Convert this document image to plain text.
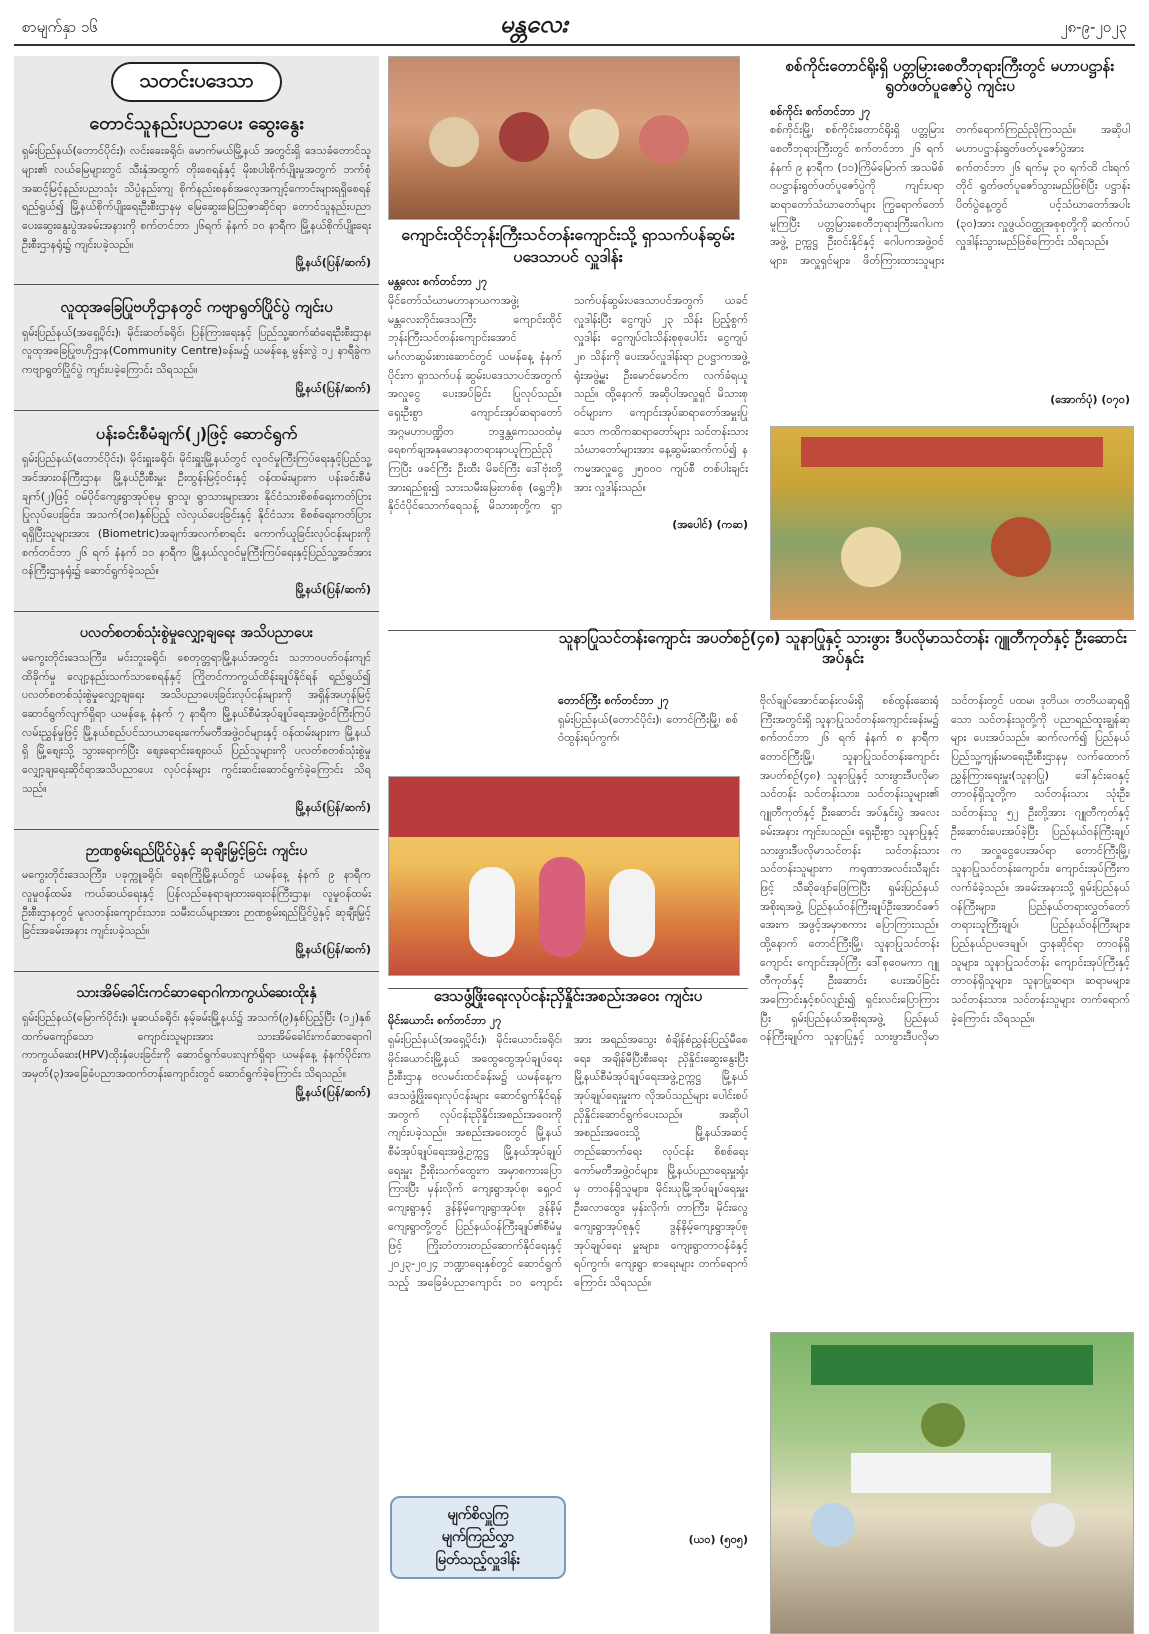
စာမျက်နှာ ၁၆	မန္တလေး	၂၈-၉-၂၀၂၃
သတင်းပဒေသာ

တောင်သူနည်းပညာပေး ဆွေးနွေး

ရှမ်းပြည်နယ်(တောင်ပိုင်း)၊ လင်းခေးခရိုင်၊ မောက်မယ်မြို့နယ် အတွင်းရှိ ဒေသခံတောင်သူများ၏ လယ်မြေများတွင် သီးနှံအထွက် တိုးစေရန်နှင့် မိုးစပါးစိုက်ပျိုးမှုအတွက် ဘက်စုံအဆင့်မြင့်နည်းပညာသုံး သိပ္ပံနည်းကျ စိုက်နည်းစနစ်အလေ့အကျင့်ကောင်းများရရှိစေရန် ရည်ရွယ်၍ မြို့နယ်စိုက်ပျိုးရေးဦးစီးဌာနမှ မြေဆွေးမြေဩဇာဆိုင်ရာ တောင်သူနည်းပညာပေးဆွေးနွေးပွဲအခမ်းအနားကို စက်တင်ဘာ ၂၆ရက် နံနက် ၁၀ နာရီက မြို့နယ်စိုက်ပျိုးရေးဦးစီးဌာနရုံး၌ ကျင်းပခဲ့သည်။

မြို့နယ်(ပြန်/ဆက်)

လူထုအခြေပြုဗဟိုဌာနတွင် ကဗျာရွတ်ပြိုင်ပွဲ ကျင်းပ

ရှမ်းပြည်နယ်(အရှေ့ပိုင်း)၊ မိုင်းဆတ်ခရိုင်၊ ပြန်ကြားရေးနှင့် ပြည်သူ့ဆက်ဆံရေးဦးစီးဌာန၊ လူထုအခြေပြုဗဟိုဌာန(Community Centre)ခန်းမ၌ ယမန်နေ့ မွန်းလွဲ ၁၂ နာရီခွဲက ကဗျာရွတ်ပြိုင်ပွဲ ကျင်းပခဲ့ကြောင်း သိရသည်။

မြို့နယ်(ပြန်/ဆက်)

ပန်းခင်းစီမံချက်(၂)ဖြင့် ဆောင်ရွက်

ရှမ်းပြည်နယ်(တောင်ပိုင်း)၊ မိုင်းရှူးခရိုင်၊ မိုင်းရှူးမြို့နယ်တွင် လူဝင်မှုကြီးကြပ်ရေးနှင့်ပြည်သူ့အင်အားဝန်ကြီးဌာန၊ မြို့နယ်ဦးစီးမှူး ဦးထွန်းမြင့်ဝင်းနှင့် ဝန်ထမ်းများက ပန်းခင်းစီမံချက်(၂)ဖြင့် ဝမ်ပိုင်ကျေးရွာအုပ်စုမှ ရွာသူ၊ ရွာသားများအား နိုင်ငံသားစိစစ်ရေးကတ်ပြား ပြုလုပ်ပေးခြင်း၊ အသက်(၁၈)နှစ်ပြည့် လဲလှယ်ပေးခြင်းနှင့် နိုင်ငံသား စိစစ်ရေးကတ်ပြားရရှိပြီးသူများအား (Biometric)အချက်အလက်စာရင်း ကောက်ယူခြင်းလုပ်ငန်းများကို စက်တင်ဘာ ၂၆ ရက် နံနက် ၁၁ နာရီက မြို့နယ်လူဝင်မှုကြီးကြပ်ရေးနှင့်ပြည်သူ့အင်အားဝန်ကြီးဌာနရုံး၌ ဆောင်ရွက်ခဲ့သည်။

မြို့နယ်(ပြန်/ဆက်)

ပလတ်စတစ်သုံးစွဲမှုလျှော့ချရေး အသိပညာပေး

မကွေးတိုင်းဒေသကြီး၊ မင်းဘူးခရိုင်၊ စေတုတ္တရာမြို့နယ်အတွင်း သဘာဝပတ်ဝန်းကျင်ထိခိုက်မှု လျော့နည်းသက်သာစေရန်နှင့် ကြိုတင်ကာကွယ်ထိန်းချုပ်နိုင်ရန် ရည်ရွယ်၍ ပလတ်စတစ်သုံးစွဲမှုလျှော့ချရေး အသိပညာပေးခြင်းလုပ်ငန်းများကို အရှိန်အဟုန်မြင့်ဆောင်ရွက်လျက်ရှိရာ ယမန်နေ့ နံနက် ၇ နာရီက မြို့နယ်စီမံအုပ်ချုပ်ရေးအဖွဲ့ဝင်ကြီးကြပ် လမ်းညွှန်မှုဖြင့် မြို့နယ်စည်ပင်သာယာရေးကော်မတီအဖွဲ့ဝင်များနှင့် ဝန်ထမ်းများက မြို့နယ်ရှိ မြို့စျေးသို့ သွားရောက်ပြီး စျေးရောင်းစျေးဝယ် ပြည်သူများကို ပလတ်စတစ်သုံးစွဲမှုလျှော့ချရေးဆိုင်ရာအသိပညာပေး လုပ်ငန်းများ ကွင်းဆင်းဆောင်ရွက်ခဲ့ကြောင်း သိရသည်။

မြို့နယ်(ပြန်/ဆက်)

ဉာဏစွမ်းရည်ပြိုင်ပွဲနှင့် ဆုချီးမြှင့်ခြင်း ကျင်းပ

မကွေးတိုင်းဒေသကြီး၊ ပခုက္ကူခရိုင်၊ ရေစကြိုမြို့နယ်တွင် ယမန်နေ့ နံနက် ၉ နာရီက လူမှုဝန်ထမ်း၊ ကယ်ဆယ်ရေးနှင့် ပြန်လည်နေရာချထားရေးဝန်ကြီးဌာန၊ လူမှုဝန်ထမ်းဦးစီးဌာနတွင် မူလတန်းကျောင်းသား၊ သမီးငယ်များအား ဉာဏစွမ်းရည်ပြိုင်ပွဲနှင့် ဆုချီးမြှင့်ခြင်းအခမ်းအနား ကျင်းပခဲ့သည်။

မြို့နယ်(ပြန်/ဆက်)

သားအိမ်ခေါင်းကင်ဆာရောဂါကာကွယ်ဆေးထိုးနှံ

ရှမ်းပြည်နယ်(မြောက်ပိုင်း)၊ မူဆယ်ခရိုင်၊ နမ့်ခမ်းမြို့နယ်၌ အသက်(၉)နှစ်ပြည့်ပြီး (၁၂)နှစ်ထက်မကျော်သော ကျောင်းသူများအား သားအိမ်ခေါင်းကင်ဆာရောဂါကာကွယ်ဆေး(HPV)ထိုးနှံပေးခြင်းကို ဆောင်ရွက်ပေးလျက်ရှိရာ ယမန်နေ့ နံနက်ပိုင်းက အမှတ်(၃)အခြေခံပညာအထက်တန်းကျောင်းတွင် ဆောင်ရွက်ခဲ့ကြောင်း သိရသည်။

မြို့နယ်(ပြန်/ဆက်)

ကျောင်းထိုင်ဘုန်းကြီးသင်တန်းကျောင်းသို့ ရှာသက်ပန်ဆွမ်းပဒေသာပင် လှူဒါန်း

မန္တလေး စက်တင်ဘာ ၂၇

မိုင်တော်သံဃာမဟာနာယကအဖွဲ့၊ မန္တလေးတိုင်းဒေသကြီး ကျောင်းထိုင်ဘုန်းကြီးသင်တန်းကျောင်းအောင်မင်္ဂလာဆွမ်းစားဆောင်တွင် ယမန်နေ့ နံနက်ပိုင်းက ရှာသက်ပန် ဆွမ်းပဒေသာပင်အတွက် အလှူငွေ ပေးအပ်ခြင်း ပြုလုပ်သည်။ ရှေးဦးစွာ ကျောင်းအုပ်ဆရာတော် အဂ္ဂမဟာပဏ္ဍိတ ဘဒ္ဒန္တကေသဝထံမှ ရေစက်ချအနုမောဒနာတရားနာယူကြည်ညိုကြပြီး ဖခင်ကြီး ဦးထီး မိခင်ကြီး ဒေါ်ဗုံးတို့အားရည်စူး၍ သားသမီးမြေးတစ်စု (ရွှေဘို)၊ နိုင်ငံပိုင်သောက်ရေသန့် မိသားစုတို့က ရှာသက်ပန်ဆွမ်းပဒေသာပင်အတွက် ယခင်လှူဒါန်းပြီး ငွေကျပ် ၂၃ သိန်း ပြည့်စွက် လှူဒါန်း ငွေကျပ်ငါးသိန်းစုစုပေါင်း ငွေကျပ် ၂၈ သိန်းကို ပေးအပ်လှူဒါန်းရာ ဥပဋ္ဌာကအဖွဲ့ ရုံးအဖွဲ့မှူး ဦးမောင်မောင်က လက်ခံရယူသည်။ ထို့နောက် အဆိုပါအလှူရှင် မိသားစုဝင်များက ကျောင်းအုပ်ဆရာတော်အမှူးပြုသော ကထိကဆရာတော်များ သင်တန်းသားသံဃာတော်များအား နေ့ဆွမ်းဆက်ကပ်၍ နကမ္မအလှူငွေ ၂၅၀၀၀ ကျပ်စီ တစ်ပါးချင်းအား လှူဒါန်းသည်။

(အပေါင်) (ကဆ)

သူနာပြုသင်တန်းကျောင်း အပတ်စဉ်(၄၈) သူနာပြုနှင့် သားဖွား ဒီပလိုမာသင်တန်း ဂျူတီကုတ်နှင့် ဦးဆောင်း အပ်နှင်း

တောင်ကြီး စက်တင်ဘာ ၂၇

ရှမ်းပြည်နယ်(တောင်ပိုင်း)၊ တောင်ကြီးမြို့၊ စစ်ဝံထွန်းရပ်ကွက်၊

ဒေသဖွံ့ဖြိုးရေးလုပ်ငန်းညှိနှိုင်းအစည်းအဝေး ကျင်းပ

မိုင်းယောင်း စက်တင်ဘာ ၂၇

ရှမ်းပြည်နယ်(အရှေ့ပိုင်း)၊ မိုင်းယောင်းခရိုင်၊ မိုင်းယောင်းမြို့နယ် အထွေထွေအုပ်ချုပ်ရေးဦးစီးဌာန ဗလမင်းထင်ခန်းမ၌ ယမန်နေ့က ဒေသဖွံ့ဖြိုးရေးလုပ်ငန်းများ ဆောင်ရွက်နိုင်ရန်အတွက် လုပ်ငန်းညှိနှိုင်းအစည်းအဝေးကို ကျင်းပခဲ့သည်။ အစည်းအဝေးတွင် မြို့နယ်စီမံအုပ်ချုပ်ရေးအဖွဲ့ဥက္ကဋ္ဌ မြို့နယ်အုပ်ချုပ်ရေးမှူး ဦးစိုးသက်ထွေးက အမှာစကားပြောကြားပြီး မှန်းလိုက် ကျေးရွာအုပ်စု၊ ရှေ့ဝင်ကျေးရွာနှင့် ဒွန်နိမ့်ကျေးရွာအုပ်စု၊ ဒွန်နိမ့်ကျေးရွာတို့တွင် ပြည်နယ်ဝန်ကြီးချုပ်၏စီမံမှုဖြင့် ကြိုးတံတားတည်ဆောက်နိုင်ရေးနှင့် ၂၀၂၃-၂၀၂၄ ဘဏ္ဍာရေးနှစ်တွင် ဆောင်ရွက်သည့် အခြေခံပညာကျောင်း ၁၀ ကျောင်းအား အရည်အသွေး စံချိန်စံညွှန်းပြည့်မီစေရေး၊ အချိန်မီပြီးစီးရေး ညှိနှိုင်းဆွေးနွေးပြီး မြို့နယ်စီမံအုပ်ချုပ်ရေးအဖွဲ့ဥက္ကဋ္ဌ မြို့နယ်အုပ်ချုပ်ရေးမှူးက လိုအပ်သည်များ ပေါင်းစပ်ညှိနှိုင်းဆောင်ရွက်ပေးသည်။ အဆိုပါ အစည်းအဝေးသို့ မြို့နယ်အဆင့် တည်ဆောက်ရေး လုပ်ငန်း စိစစ်ရေးကော်မတီအဖွဲ့ဝင်များ၊ မြို့နယ်ပညာရေးမှူးရုံးမှ တာဝန်ရှိသူများ၊ မိုင်းယုမြို့အုပ်ချုပ်ရေးမှူး ဦးလောထွေး၊ မှန်းလိုက်၊ တာကြီး၊ မိုင်းလွေကျေးရွာအုပ်စုနှင့် ဒွန်နိမ့်ကျေးရွာအုပ်စု အုပ်ချုပ်ရေး မှူးများ၊ ကျေးရွာတာဝန်ခံနှင့် ရပ်ကွက်၊ ကျေးရွာ စာရေးများ တက်ရောက်ကြောင်း သိရသည်။

(ယဝ) (၅၀၅)

မျက်စိလှူကြ
မျက်ကြည်လွှာ
မြတ်သည့်လှူဒါန်း

စစ်ကိုင်းတောင်ရိုးရှိ ပတ္တမြားစေတီဘုရားကြီးတွင် မဟာပဋ္ဌာန်းရွတ်ဖတ်ပူဇော်ပွဲ ကျင်းပ

စစ်ကိုင်း စက်တင်ဘာ ၂၇

စစ်ကိုင်းမြို့၊ စစ်ကိုင်းတောင်ရိုးရှိ ပတ္တမြားစေတီဘုရားကြီးတွင် စက်တင်ဘာ ၂၆ ရက် နံနက် ၉ နာရီက (၁၁)ကြိမ်မြောက် အသမိစ်ဝပဋ္ဌာန်းရွတ်ဖတ်ပူဇော်ပွဲကို ကျင်းပရာ ဆရာတော်သံဃာတော်များ ကြွရောက်တော်မူကြပြီး ပတ္တမြားစေတီဘုရားကြီးဂေါပကအဖွဲ့ ဥက္ကဋ္ဌ ဦးဝင်းနိုင်နှင့် ဂေါပကအဖွဲ့ဝင်များ၊ အလှူရှင်များ၊ ဖိတ်ကြားထားသူများ တက်ရောက်ကြည်ညိုကြသည်။ အဆိုပါ မဟာပဋ္ဌာန်းရွတ်ဖတ်ပူဇော်ပွဲအား စက်တင်ဘာ ၂၆ ရက်မှ ၃၀ ရက်ထိ ငါးရက်တိုင် ရွတ်ဖတ်ပူဇော်သွားမည်ဖြစ်ပြီး ပဋ္ဌာန်းပိတ်ပွဲနေ့တွင် ပင့်သံဃာတော်အပါး (၃၀)အား လှူဖွယ်ဝတ္ထုအစုစုတို့ကို ဆက်ကပ်လှူဒါန်းသွားမည်ဖြစ်ကြောင်း သိရသည်။

(အောက်ပုံ) (၀၇၀)

ဗိုလ်ချုပ်အောင်ဆန်းလမ်းရှိ စစ်ထွန်းဆေးရုံကြီးအတွင်းရှိ သူနာပြုသင်တန်းကျောင်းခန်းမ၌ စက်တင်ဘာ ၂၆ ရက် နံနက် ၈ နာရီက တောင်ကြီးမြို့၊ သူနာပြုသင်တန်းကျောင်း အပတ်စဉ်(၄၈) သူနာပြုနှင့် သားဖွားဒီပလိုမာသင်တန်း သင်တန်းသား၊ သင်တန်းသူများ၏ ဂျူတီကုတ်နှင့် ဦးဆောင်း အပ်နှင်းပွဲ အလေးခမ်းအနား ကျင်းပသည်။ ရှေးဦးစွာ သူနာပြုနှင့် သားဖွားဒီပလိုမာသင်တန်း သင်တန်းသားသင်တန်းသူများက ကရုဏာအလင်းသီချင်းဖြင့် သီဆိုဖျော်ဖြေကြပြီး ရှမ်းပြည်နယ်အစိုးရအဖွဲ့ ပြည်နယ်ဝန်ကြီးချုပ်ဦးအောင်ဇော်အေးက အဖွင့်အမှာစကား ပြောကြားသည်။ ထို့နောက် တောင်ကြီးမြို့၊ သူနာပြုသင်တန်းကျောင်း ကျောင်းအုပ်ကြီး ဒေါ်စုဝေမကာ ဂျူတီကုတ်နှင့် ဦးဆောင်း ပေးအပ်ခြင်း အကြောင်းနှင့်စပ်လျဉ်း၍ ရှင်းလင်းပြောကြားပြီး ရှမ်းပြည်နယ်အစိုးရအဖွဲ့ ပြည်နယ်ဝန်ကြီးချုပ်က သူနာပြုနှင့် သားဖွားဒီပလိုမာသင်တန်းတွင် ပထမ၊ ဒုတိယ၊ တတိယဆုရရှိသော သင်တန်းသူတို့ကို ပညာရည်ထူးချွန်ဆုများ ပေးအပ်သည်။ ဆက်လက်၍ ပြည်နယ် ပြည်သူ့ကျန်းမာရေးဦးစီးဌာနမှ လက်ထောက်ညွှန်ကြားရေးမှူး(သူနာပြု) ဒေါ်နှင်းဝေနှင့် တာဝန်ရှိသူတို့က သင်တန်းသား သုံးဦး၊ သင်တန်းသူ ၅၂ ဦးတို့အား ဂျူတီကုတ်နှင့် ဦးဆောင်းပေးအပ်ခဲ့ပြီး ပြည်နယ်ဝန်ကြီးချုပ်က အလှူငွေပေးအပ်ရာ တောင်ကြီးမြို့၊ သူနာပြုသင်တန်းကျောင်း၊ ကျောင်းအုပ်ကြီးက လက်ခံခဲ့သည်။ အခမ်းအနားသို့ ရှမ်းပြည်နယ်ဝန်ကြီးများ၊ ပြည်နယ်တရားလွှတ်တော်တရားသူကြီးချုပ်၊ ပြည်နယ်ဝန်ကြီးများ၊ ပြည်နယ်ဥပဒေချုပ်၊ ဌာနဆိုင်ရာ တာဝန်ရှိသူများ၊ သူနာပြုသင်တန်း ကျောင်းအုပ်ကြီးနှင့် တာဝန်ရှိသူများ၊ သူနာပြုဆရာ၊ ဆရာမများ၊ သင်တန်းသား၊ သင်တန်းသူများ တက်ရောက်ခဲ့ကြောင်း သိရသည်။
